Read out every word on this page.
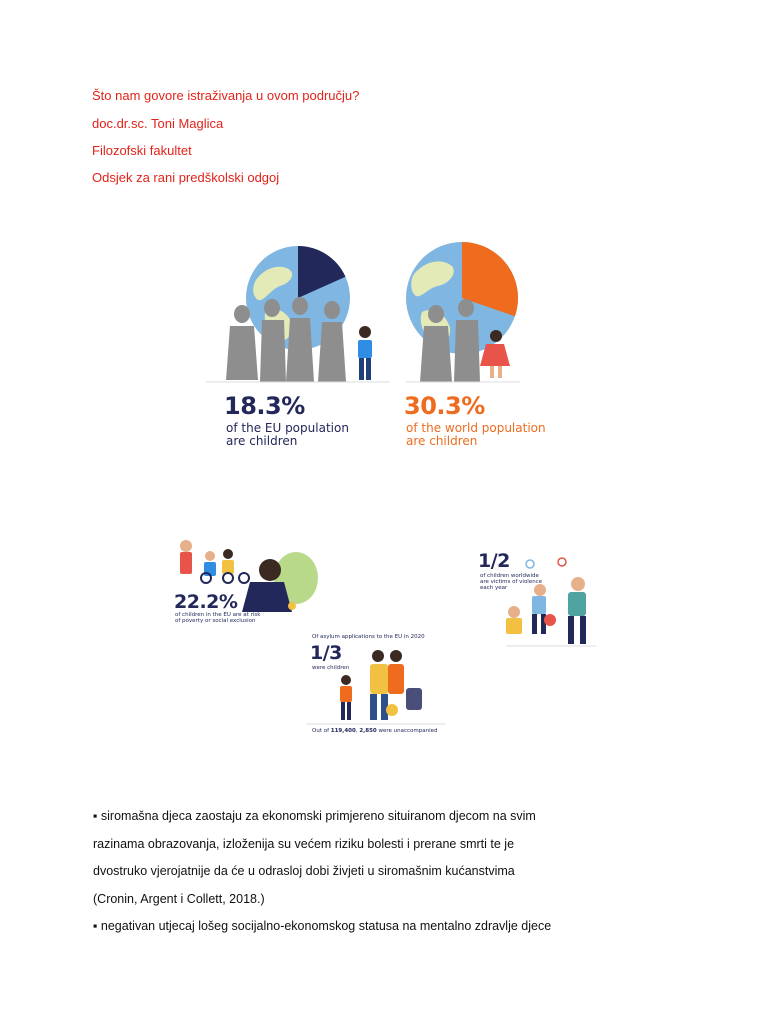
Što nam govore istraživanja u ovom području?
doc.dr.sc. Toni Maglica
Filozofski fakultet
Odsjek za rani predškolski odgoj
18.3%
of the EU population
are children
30.3%
of the world population
are children
22.2%
of children in the EU are at risk
of poverty or social exclusion
1/2
of children worldwide
are victims of violence
each year
Of asylum applications to the EU in 2020
1/3
were children
Out of 119,400, 2,850 were unaccompanied
▪ siromašna djeca zaostaju za ekonomski primjereno situiranom djecom na svim
razinama obrazovanja, izloženija su većem riziku bolesti i prerane smrti te je
dvostruko vjerojatnije da će u odrasloj dobi živjeti u siromašnim kućanstvima
(Cronin, Argent i Collett, 2018.)
▪ negativan utjecaj lošeg socijalno-ekonomskog statusa na mentalno zdravlje djece
